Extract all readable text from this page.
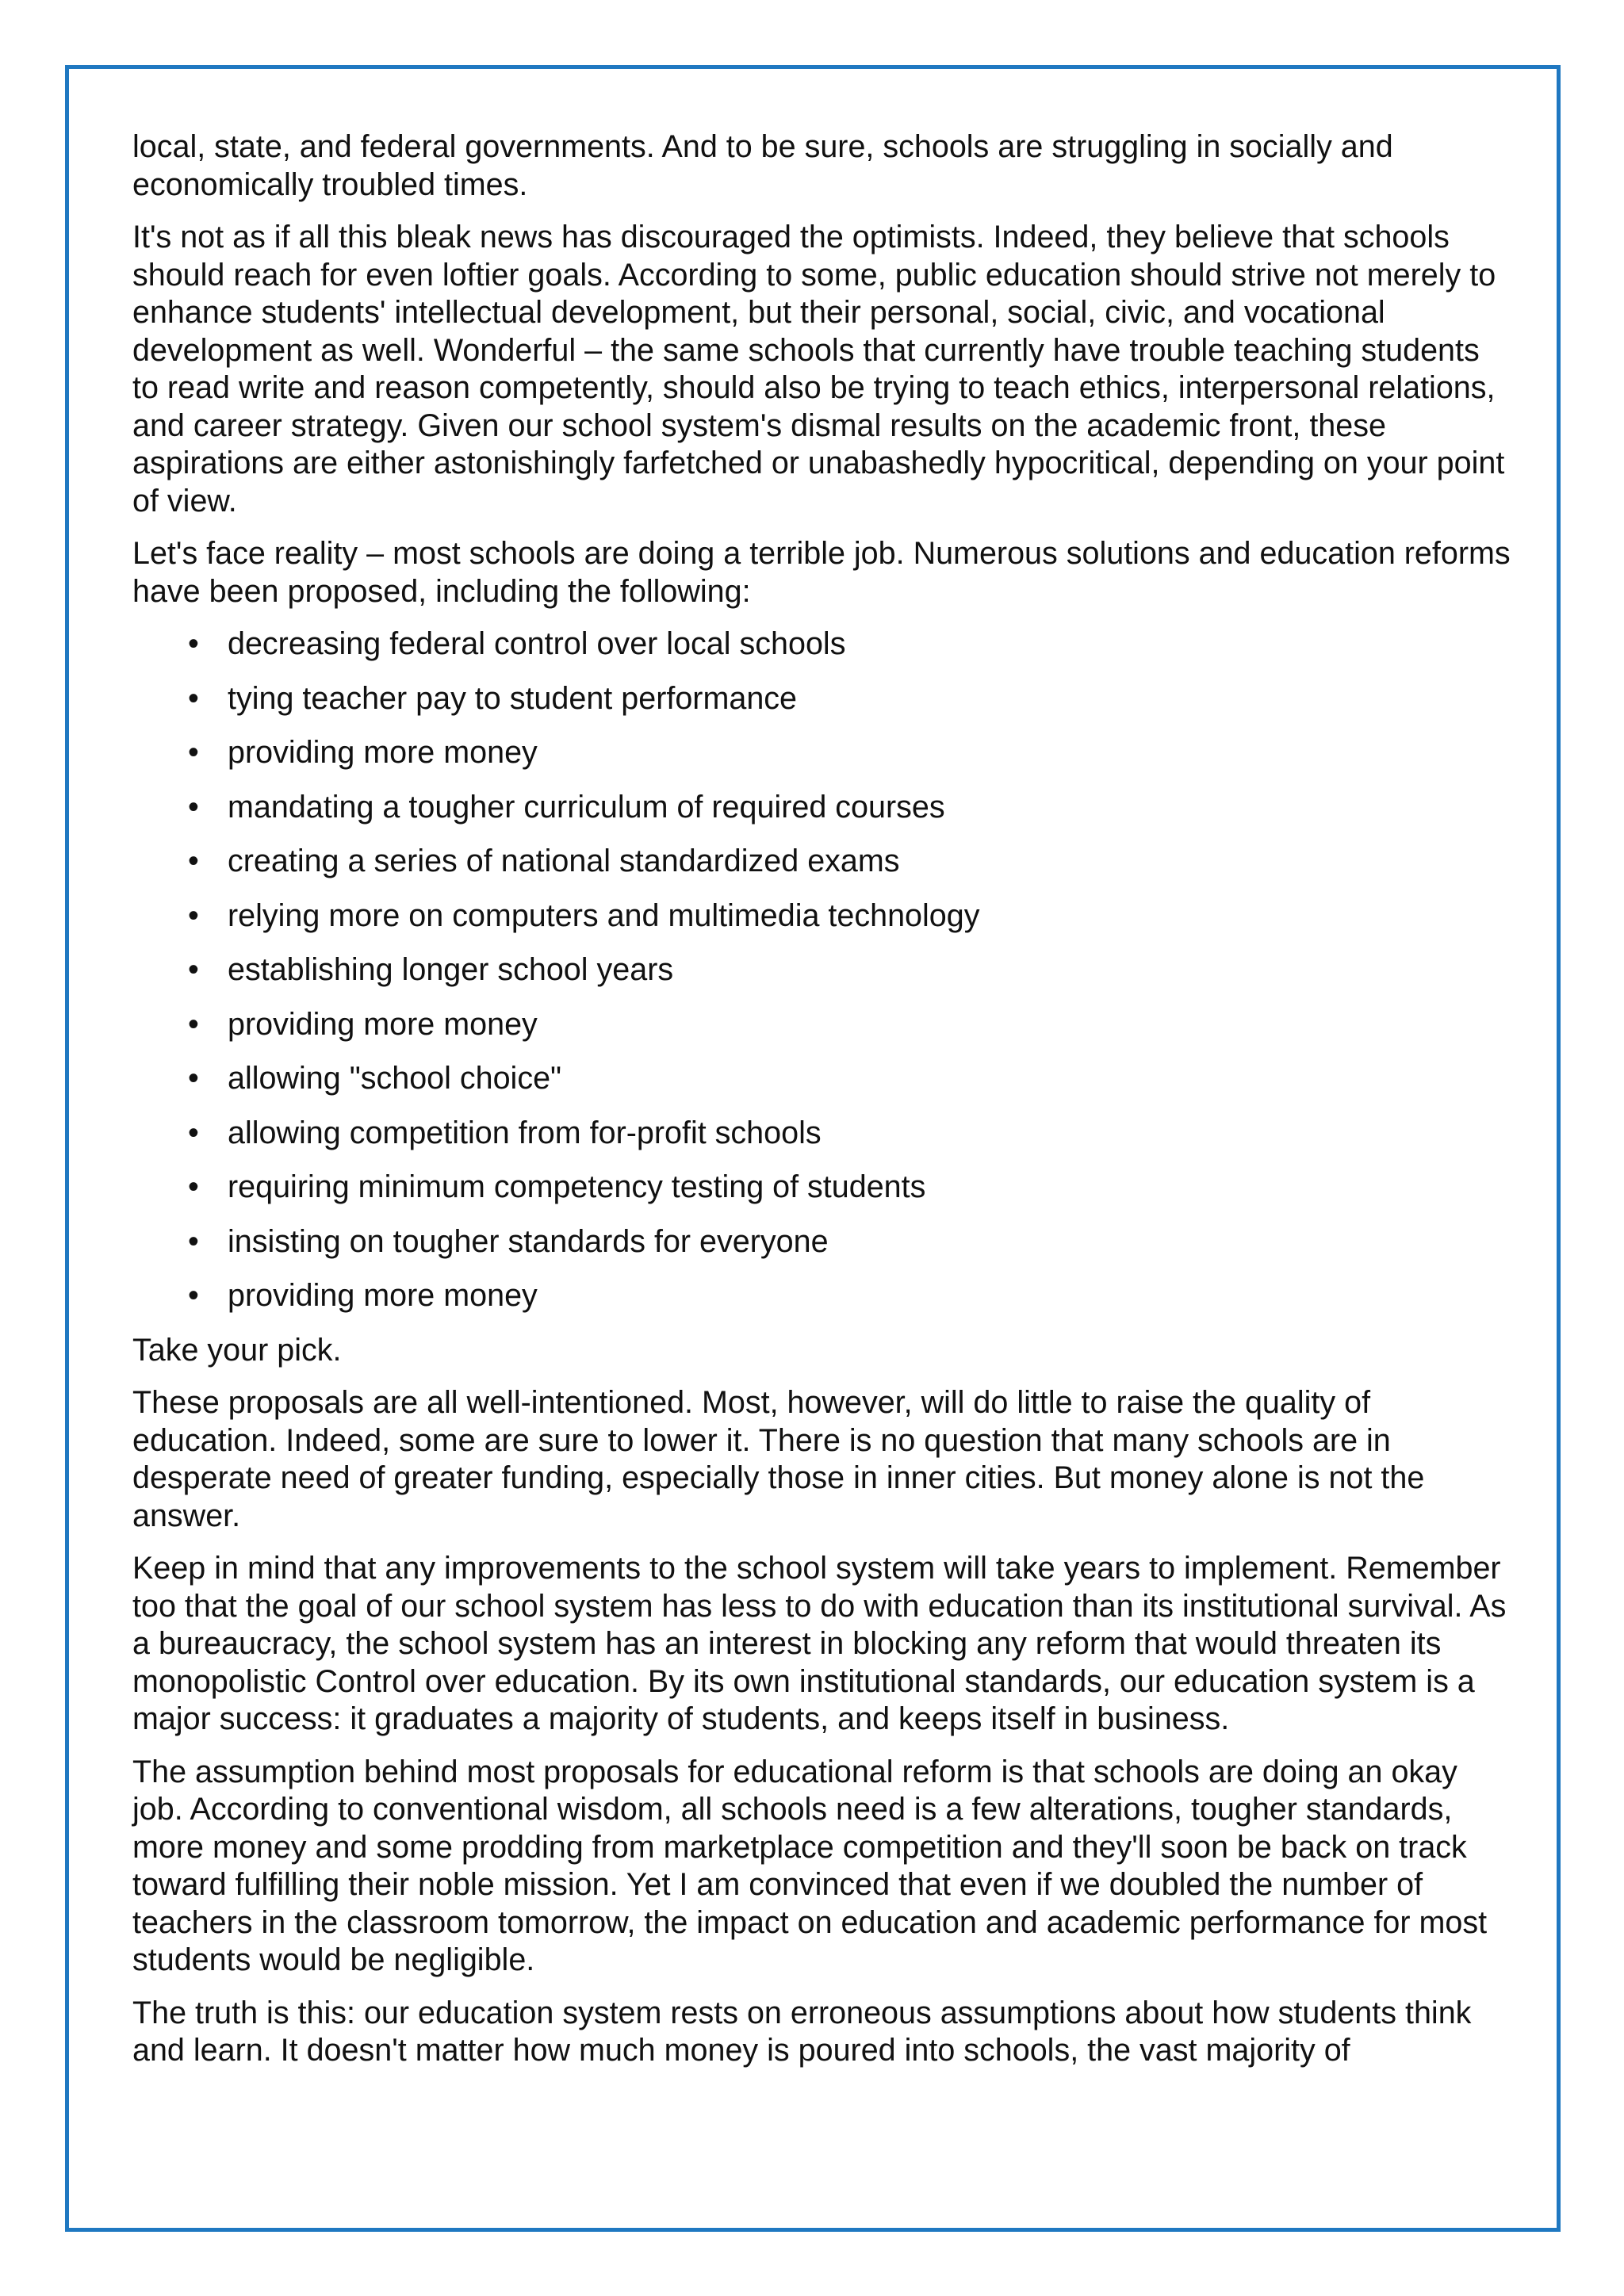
local, state, and federal governments. And to be sure, schools are struggling in socially and economically troubled times.

It's not as if all this bleak news has discouraged the optimists. Indeed, they believe that schools should reach for even loftier goals. According to some, public education should strive not merely to enhance students' intellectual development, but their personal, social, civic, and vocational development as well. Wonderful – the same schools that currently have trouble teaching students to read write and reason competently, should also be trying to teach ethics, interpersonal relations, and career strategy. Given our school system's dismal results on the academic front, these aspirations are either astonishingly farfetched or unabashedly hypocritical, depending on your point of view.

Let's face reality – most schools are doing a terrible job. Numerous solutions and education reforms have been proposed, including the following:

• decreasing federal control over local schools
• tying teacher pay to student performance
• providing more money
• mandating a tougher curriculum of required courses
• creating a series of national standardized exams
• relying more on computers and multimedia technology
• establishing longer school years
• providing more money
• allowing "school choice"
• allowing competition from for-profit schools
• requiring minimum competency testing of students
• insisting on tougher standards for everyone
• providing more money

Take your pick.

These proposals are all well-intentioned. Most, however, will do little to raise the quality of education. Indeed, some are sure to lower it. There is no question that many schools are in desperate need of greater funding, especially those in inner cities. But money alone is not the answer.

Keep in mind that any improvements to the school system will take years to implement. Remember too that the goal of our school system has less to do with education than its institutional survival. As a bureaucracy, the school system has an interest in blocking any reform that would threaten its monopolistic Control over education. By its own institutional standards, our education system is a major success: it graduates a majority of students, and keeps itself in business.

The assumption behind most proposals for educational reform is that schools are doing an okay job. According to conventional wisdom, all schools need is a few alterations, tougher standards, more money and some prodding from marketplace competition and they'll soon be back on track toward fulfilling their noble mission. Yet I am convinced that even if we doubled the number of teachers in the classroom tomorrow, the impact on education and academic performance for most students would be negligible.

The truth is this: our education system rests on erroneous assumptions about how students think and learn. It doesn't matter how much money is poured into schools, the vast majority of
